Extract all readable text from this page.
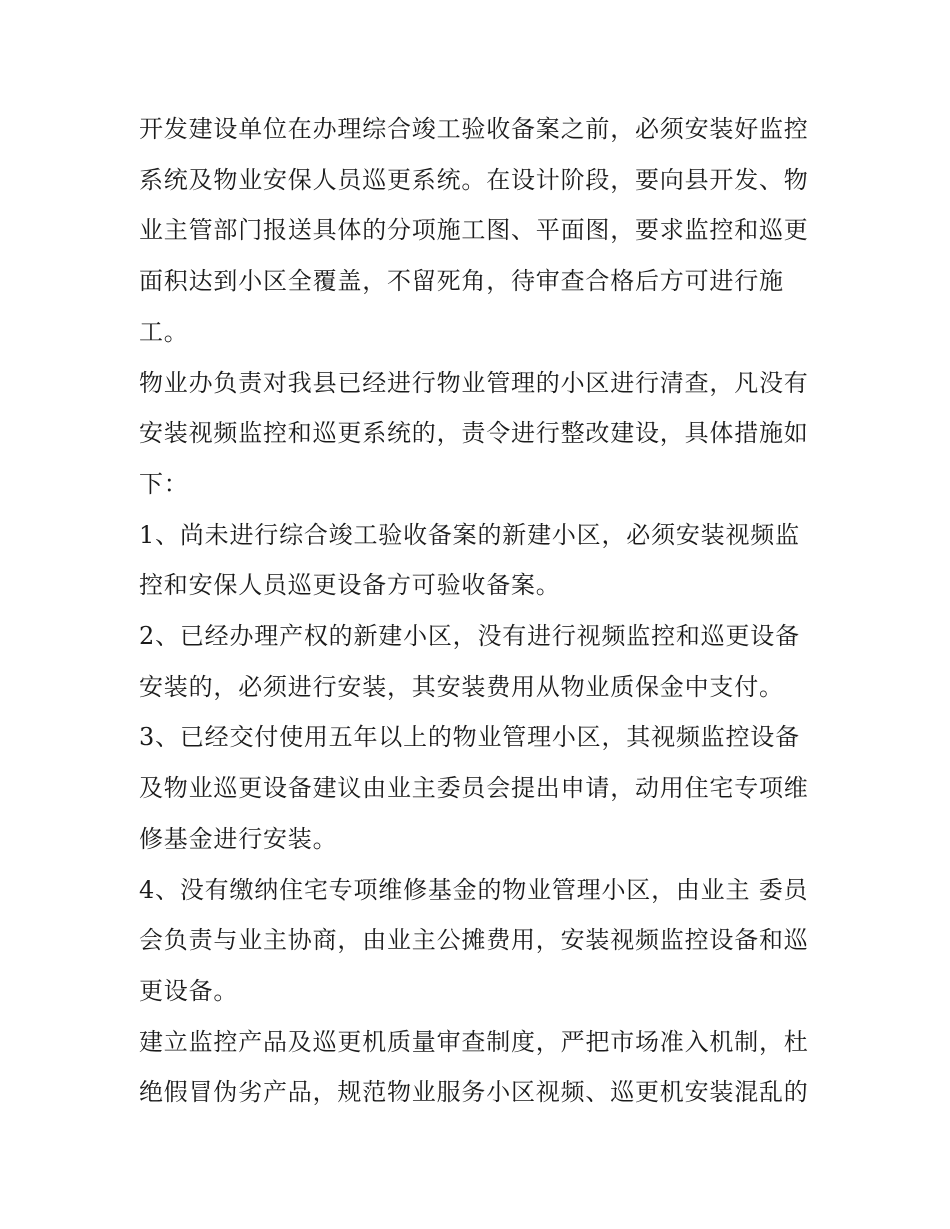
开发建设单位在办理综合竣工验收备案之前，必须安装好监控
系统及物业安保人员巡更系统。在设计阶段，要向县开发、物
业主管部门报送具体的分项施工图、平面图，要求监控和巡更
面积达到小区全覆盖，不留死角，待审查合格后方可进行施
工。

物业办负责对我县已经进行物业管理的小区进行清查，凡没有
安装视频监控和巡更系统的，责令进行整改建设，具体措施如
下：

1、尚未进行综合竣工验收备案的新建小区，必须安装视频监
控和安保人员巡更设备方可验收备案。

2、已经办理产权的新建小区，没有进行视频监控和巡更设备
安装的，必须进行安装，其安装费用从物业质保金中支付。

3、已经交付使用五年以上的物业管理小区，其视频监控设备
及物业巡更设备建议由业主委员会提出申请，动用住宅专项维
修基金进行安装。

4、没有缴纳住宅专项维修基金的物业管理小区，由业主 委员
会负责与业主协商，由业主公摊费用，安装视频监控设备和巡
更设备。

建立监控产品及巡更机质量审查制度，严把市场准入机制，杜
绝假冒伪劣产品，规范物业服务小区视频、巡更机安装混乱的
